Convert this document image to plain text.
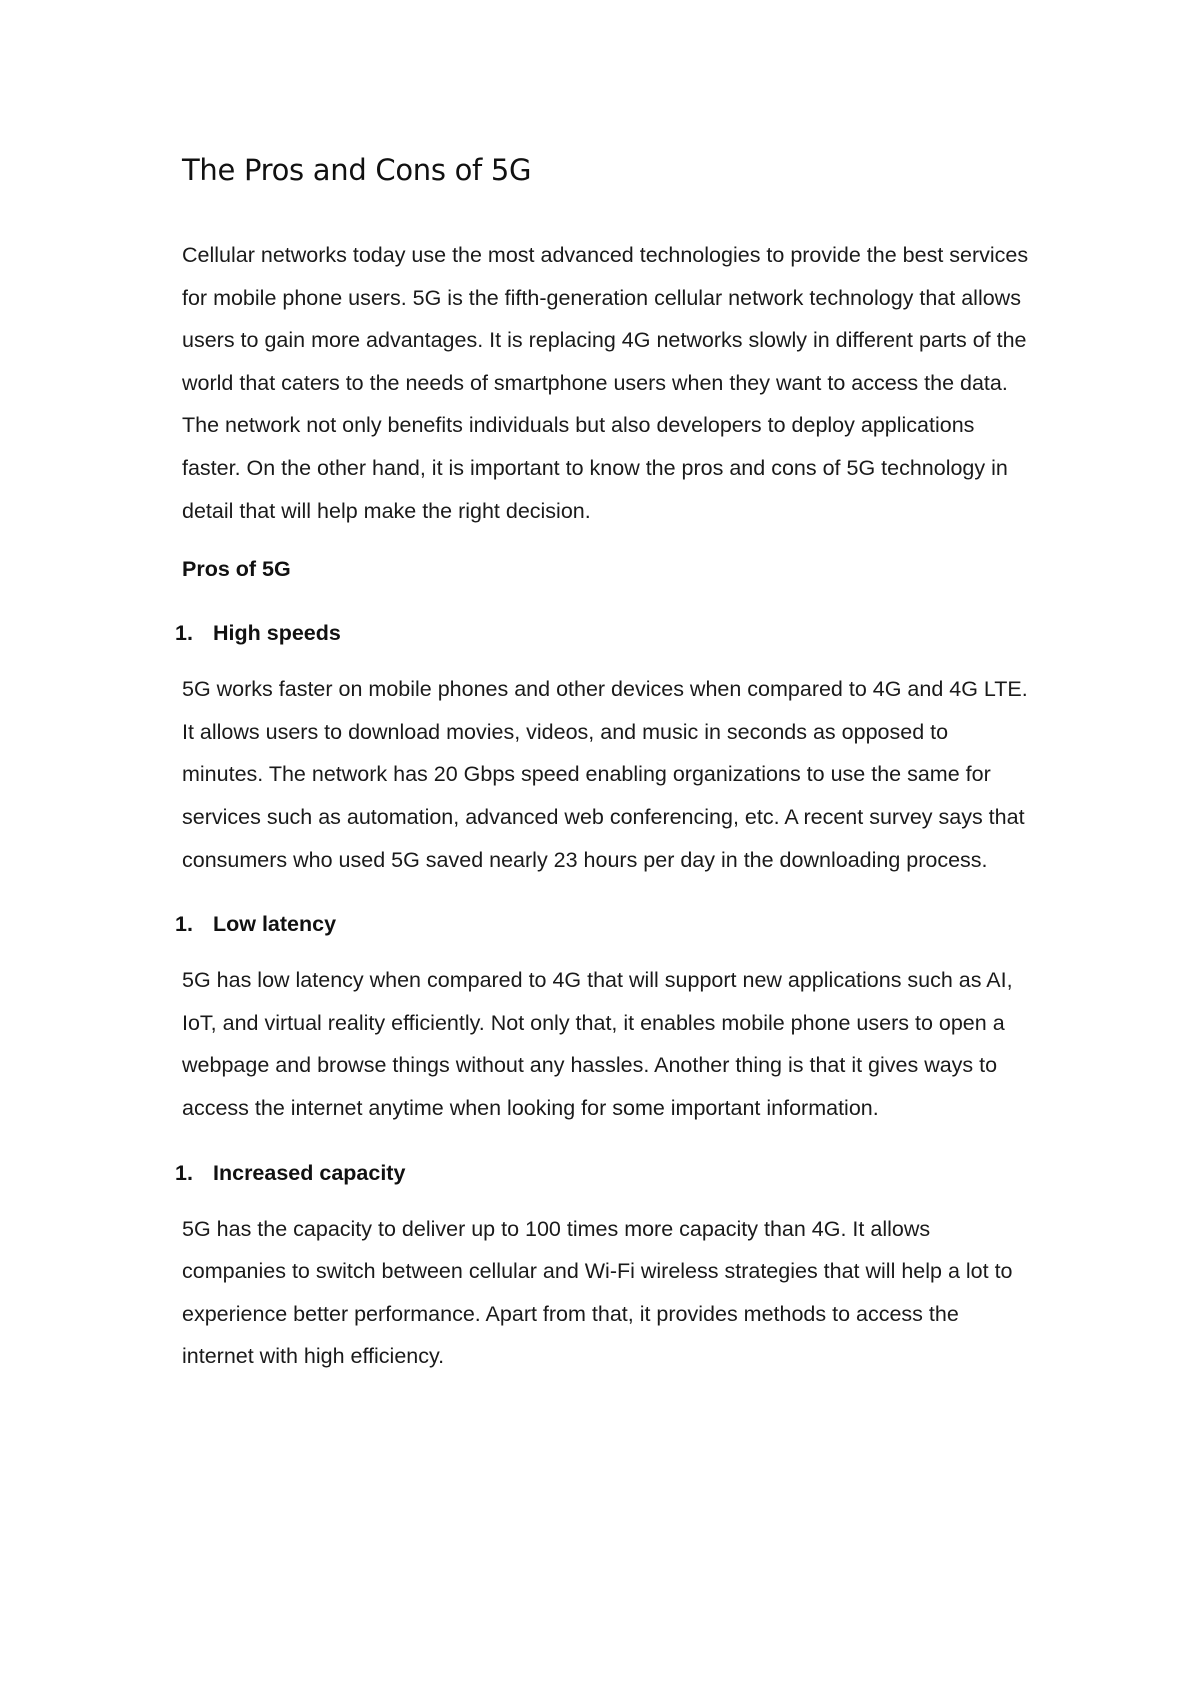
The Pros and Cons of 5G

Cellular networks today use the most advanced technologies to provide the best services for mobile phone users. 5G is the fifth-generation cellular network technology that allows users to gain more advantages. It is replacing 4G networks slowly in different parts of the world that caters to the needs of smartphone users when they want to access the data. The network not only benefits individuals but also developers to deploy applications faster. On the other hand, it is important to know the pros and cons of 5G technology in detail that will help make the right decision.

Pros of 5G
1. High speeds

5G works faster on mobile phones and other devices when compared to 4G and 4G LTE. It allows users to download movies, videos, and music in seconds as opposed to minutes. The network has 20 Gbps speed enabling organizations to use the same for services such as automation, advanced web conferencing, etc. A recent survey says that consumers who used 5G saved nearly 23 hours per day in the downloading process.

1. Low latency

5G has low latency when compared to 4G that will support new applications such as AI, IoT, and virtual reality efficiently. Not only that, it enables mobile phone users to open a webpage and browse things without any hassles. Another thing is that it gives ways to access the internet anytime when looking for some important information.

1. Increased capacity

5G has the capacity to deliver up to 100 times more capacity than 4G. It allows companies to switch between cellular and Wi-Fi wireless strategies that will help a lot to experience better performance. Apart from that, it provides methods to access the internet with high efficiency.
